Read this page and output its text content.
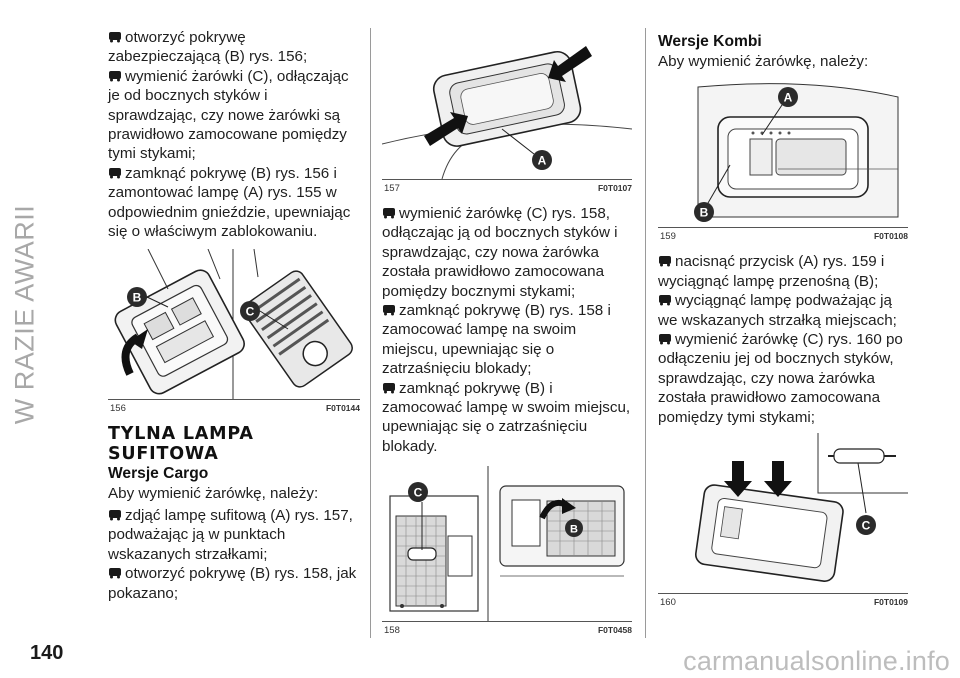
W RAZIE AWARII

otworzyć pokrywę zabezpieczającą (B) rys. 156;

wymienić żarówki (C), odłączając je od bocznych styków i sprawdzając, czy nowe żarówki są prawidłowo zamocowane pomiędzy tymi stykami;

zamknąć pokrywę (B) rys. 156 i zamontować lampę (A) rys. 155 w odpowiednim gnieździe, upewniając się o właściwym zablokowaniu.

B
C
156	F0T0144
TYLNA LAMPA SUFITOWA
Wersje Cargo

Aby wymienić żarówkę, należy:

zdjąć lampę sufitową (A) rys. 157, podważając ją w punktach wskazanych strzałkami;

otworzyć pokrywę (B) rys. 158, jak pokazano;

A
157	F0T0107

wymienić żarówkę (C) rys. 158, odłączając ją od bocznych styków i sprawdzając, czy nowa żarówka została prawidłowo zamocowana pomiędzy bocznymi stykami;

zamknąć pokrywę (B) rys. 158 i zamocować lampę na swoim miejscu, upewniając się o zatrzaśnięciu blokady;

zamknąć pokrywę (B) i zamocować lampę w swoim miejscu, upewniając się o zatrzaśnięciu blokady.

C
B
158	F0T0458
Wersje Kombi

Aby wymienić żarówkę, należy:

A
B
159	F0T0108

nacisnąć przycisk (A) rys. 159 i wyciągnąć lampę przenośną (B);

wyciągnąć lampę podważając ją we wskazanych strzałką miejscach;

wymienić żarówkę (C) rys. 160 po odłączeniu jej od bocznych styków, sprawdzając, czy nowa żarówka została prawidłowo zamocowana pomiędzy tymi stykami;

C
160	F0T0109
140	carmanualsonline.info
